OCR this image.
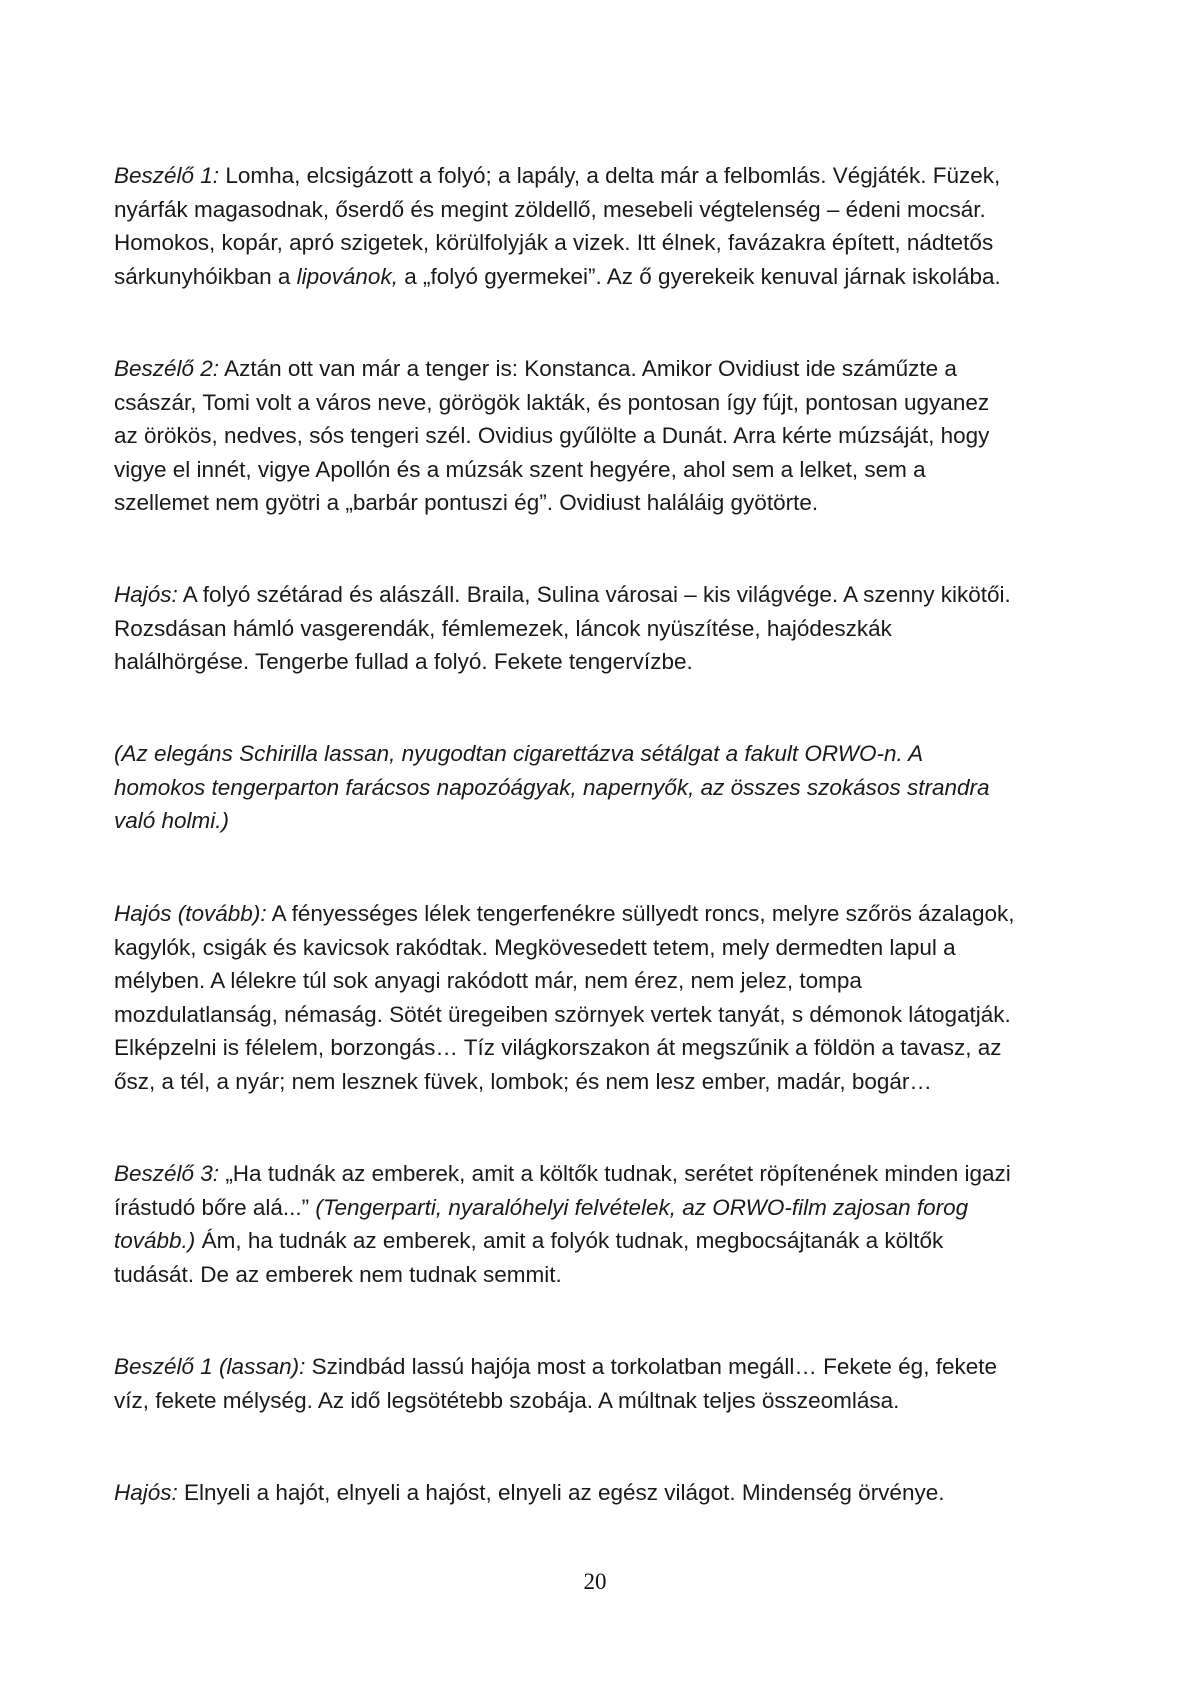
Beszélő 1: Lomha, elcsigázott a folyó; a lapály, a delta már a felbomlás. Végjáték. Füzek,
nyárfák magasodnak, őserdő és megint zöldellő, mesebeli végtelenség – édeni mocsár.
Homokos, kopár, apró szigetek, körülfolyják a vizek. Itt élnek, favázakra épített, nádtetős
sárkunyhóikban a lipovánok, a „folyó gyermekei”. Az ő gyerekeik kenuval járnak iskolába.

Beszélő 2: Aztán ott van már a tenger is: Konstanca. Amikor Ovidiust ide száműzte a
császár, Tomi volt a város neve, görögök lakták, és pontosan így fújt, pontosan ugyanez
az örökös, nedves, sós tengeri szél. Ovidius gyűlölte a Dunát. Arra kérte múzsáját, hogy
vigye el innét, vigye Apollón és a múzsák szent hegyére, ahol sem a lelket, sem a
szellemet nem gyötri a „barbár pontuszi ég”. Ovidiust haláláig gyötörte.

Hajós: A folyó szétárad és alászáll. Braila, Sulina városai – kis világvége. A szenny kikötői.
Rozsdásan hámló vasgerendák, fémlemezek, láncok nyüszítése, hajódeszkák
halálhörgése. Tengerbe fullad a folyó. Fekete tengervízbe.

(Az elegáns Schirilla lassan, nyugodtan cigarettázva sétálgat a fakult ORWO-n. A
homokos tengerparton farácsos napozóágyak, napernyők, az összes szokásos strandra
való holmi.)

Hajós (tovább): A fényességes lélek tengerfenékre süllyedt roncs, melyre szőrös ázalagok,
kagylók, csigák és kavicsok rakódtak. Megkövesedett tetem, mely dermedten lapul a
mélyben. A lélekre túl sok anyagi rakódott már, nem érez, nem jelez, tompa
mozdulatlanság, némaság. Sötét üregeiben szörnyek vertek tanyát, s démonok látogatják.
Elképzelni is félelem, borzongás… Tíz világkorszakon át megszűnik a földön a tavasz, az
ősz, a tél, a nyár; nem lesznek füvek, lombok; és nem lesz ember, madár, bogár…

Beszélő 3: „Ha tudnák az emberek, amit a költők tudnak, serétet röpítenének minden igazi
írástudó bőre alá...” (Tengerparti, nyaralóhelyi felvételek, az ORWO-film zajosan forog
tovább.) Ám, ha tudnák az emberek, amit a folyók tudnak, megbocsájtanák a költők
tudását. De az emberek nem tudnak semmit.

Beszélő 1 (lassan): Szindbád lassú hajója most a torkolatban megáll… Fekete ég, fekete
víz, fekete mélység. Az idő legsötétebb szobája. A múltnak teljes összeomlása.

Hajós: Elnyeli a hajót, elnyeli a hajóst, elnyeli az egész világot. Mindenség örvénye.

20
